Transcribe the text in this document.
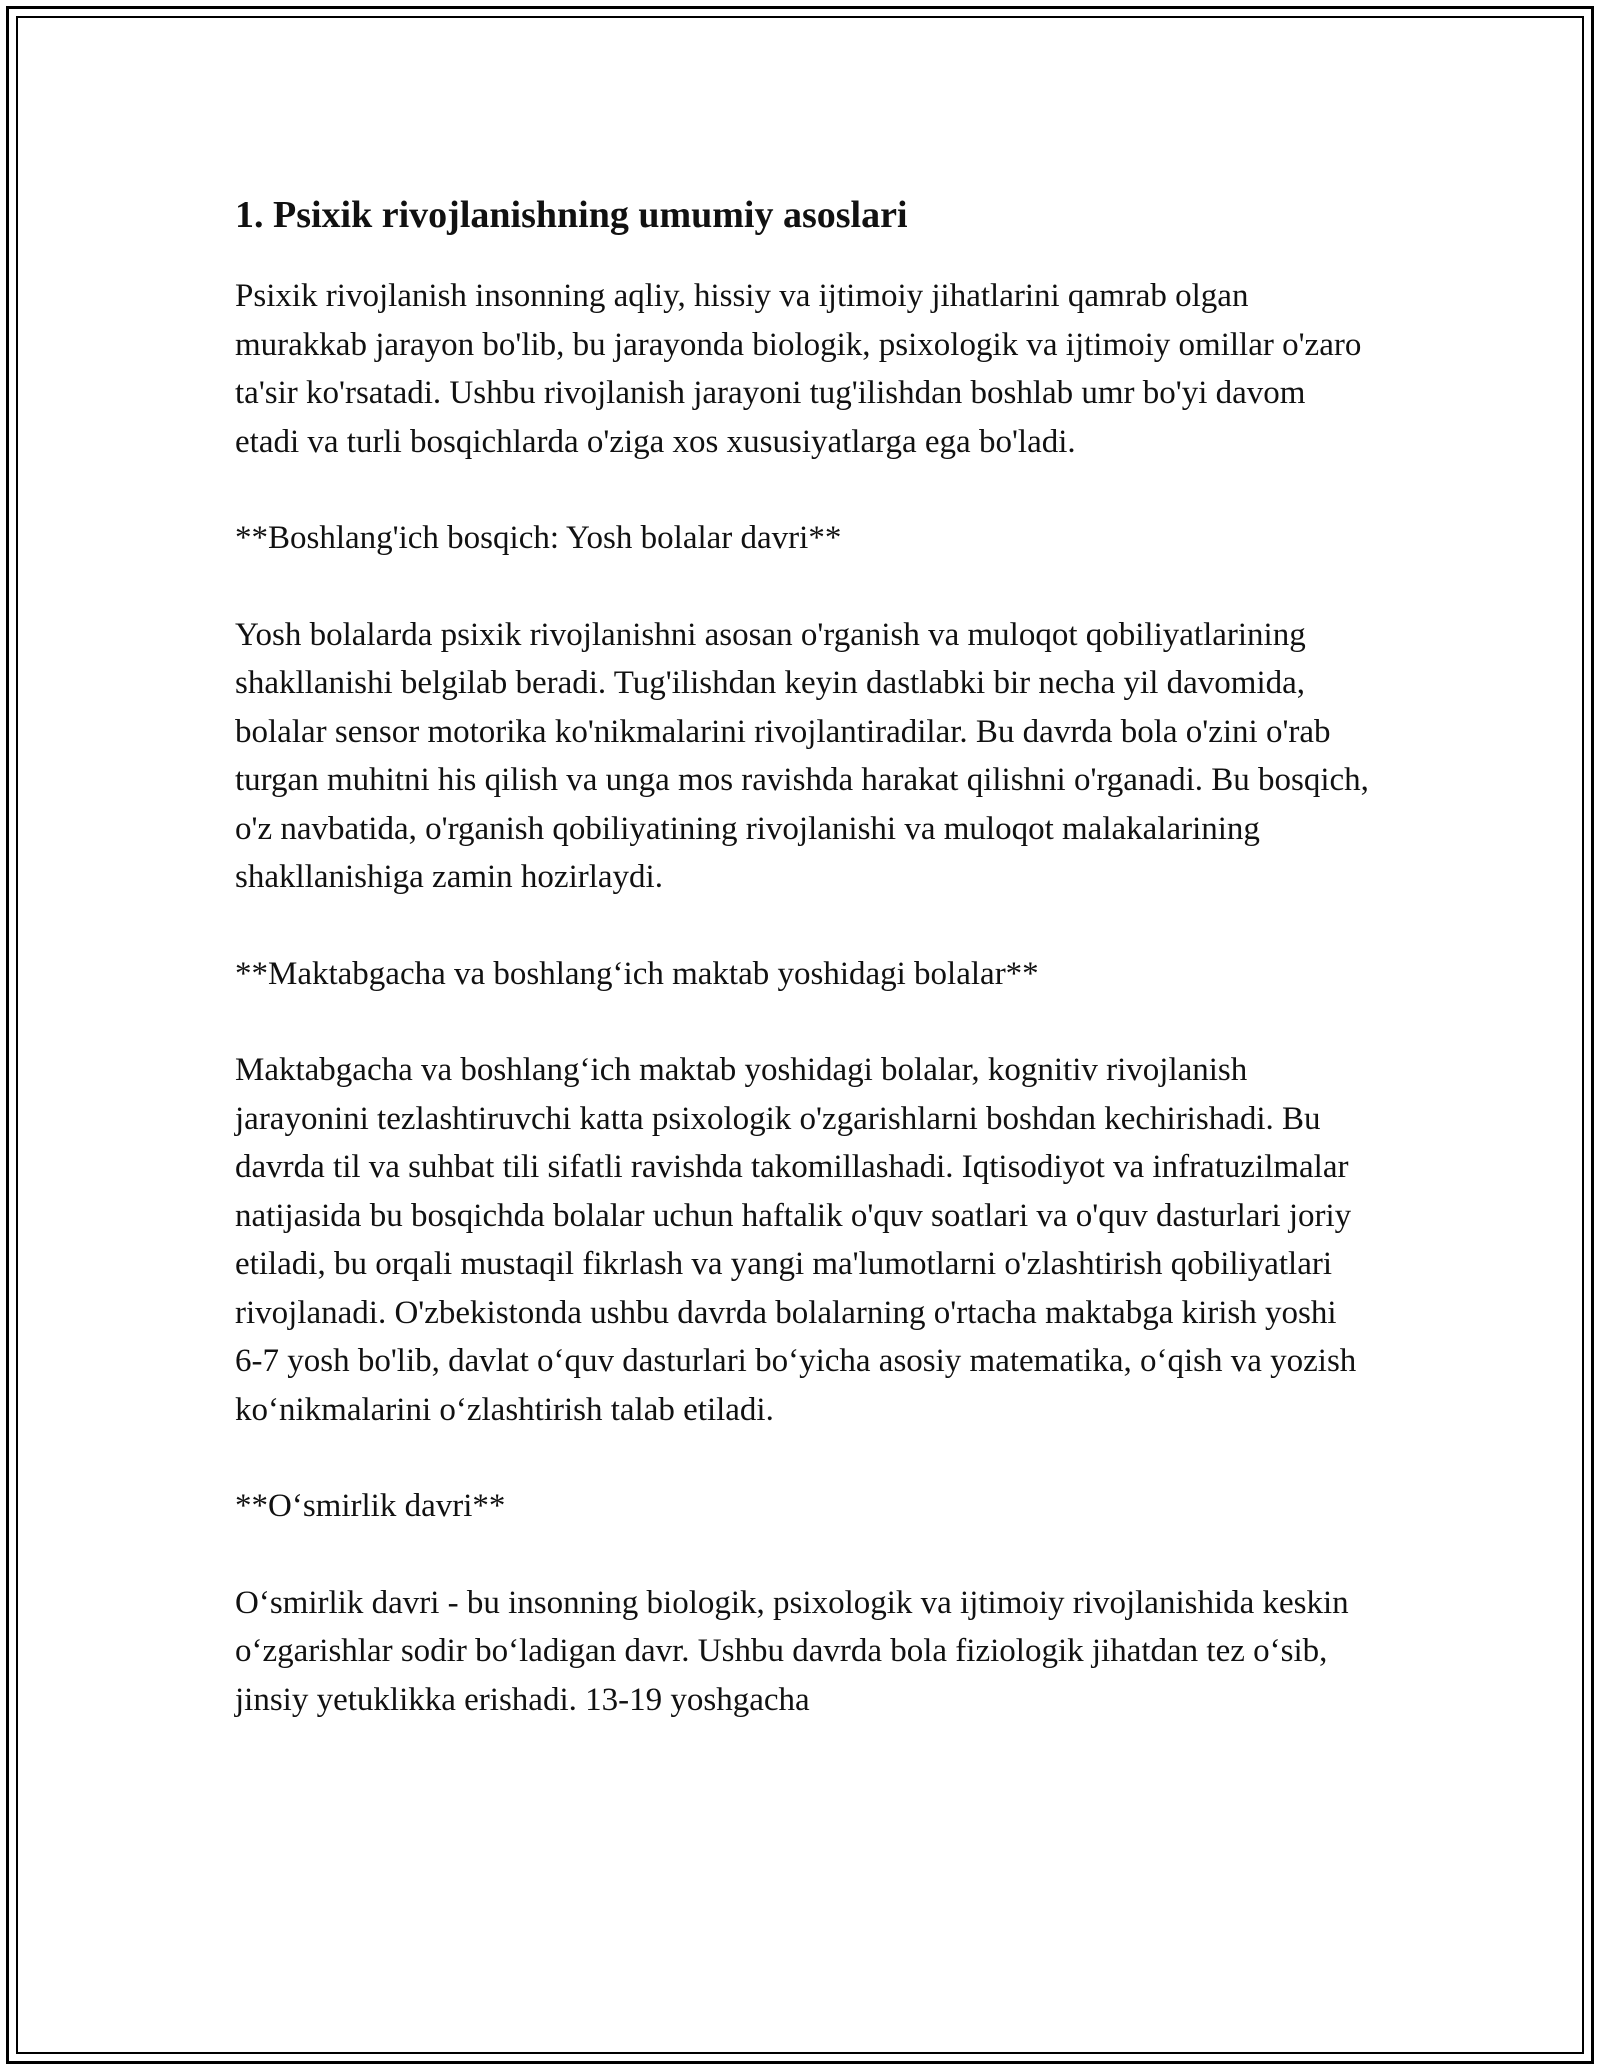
1. Psixik rivojlanishning umumiy asoslari

Psixik rivojlanish insonning aqliy, hissiy va ijtimoiy jihatlarini qamrab olgan murakkab jarayon bo'lib, bu jarayonda biologik, psixologik va ijtimoiy omillar o'zaro ta'sir ko'rsatadi. Ushbu rivojlanish jarayoni tug'ilishdan boshlab umr bo'yi davom etadi va turli bosqichlarda o'ziga xos xususiyatlarga ega bo'ladi.

**Boshlang'ich bosqich: Yosh bolalar davri**

Yosh bolalarda psixik rivojlanishni asosan o'rganish va muloqot qobiliyatlarining shakllanishi belgilab beradi. Tug'ilishdan keyin dastlabki bir necha yil davomida, bolalar sensor motorika ko'nikmalarini rivojlantiradilar. Bu davrda bola o'zini o'rab turgan muhitni his qilish va unga mos ravishda harakat qilishni o'rganadi. Bu bosqich, o'z navbatida, o'rganish qobiliyatining rivojlanishi va muloqot malakalarining shakllanishiga zamin hozirlaydi.

**Maktabgacha va boshlang‘ich maktab yoshidagi bolalar**

Maktabgacha va boshlang‘ich maktab yoshidagi bolalar, kognitiv rivojlanish jarayonini tezlashtiruvchi katta psixologik o'zgarishlarni boshdan kechirishadi. Bu davrda til va suhbat tili sifatli ravishda takomillashadi. Iqtisodiyot va infratuzilmalar natijasida bu bosqichda bolalar uchun haftalik o'quv soatlari va o'quv dasturlari joriy etiladi, bu orqali mustaqil fikrlash va yangi ma'lumotlarni o'zlashtirish qobiliyatlari rivojlanadi. O'zbekistonda ushbu davrda bolalarning o'rtacha maktabga kirish yoshi 6-7 yosh bo'lib, davlat o‘quv dasturlari bo‘yicha asosiy matematika, o‘qish va yozish ko‘nikmalarini o‘zlashtirish talab etiladi.

**O‘smirlik davri**

O‘smirlik davri - bu insonning biologik, psixologik va ijtimoiy rivojlanishida keskin o‘zgarishlar sodir bo‘ladigan davr. Ushbu davrda bola fiziologik jihatdan tez o‘sib, jinsiy yetuklikka erishadi. 13-19 yoshgacha
